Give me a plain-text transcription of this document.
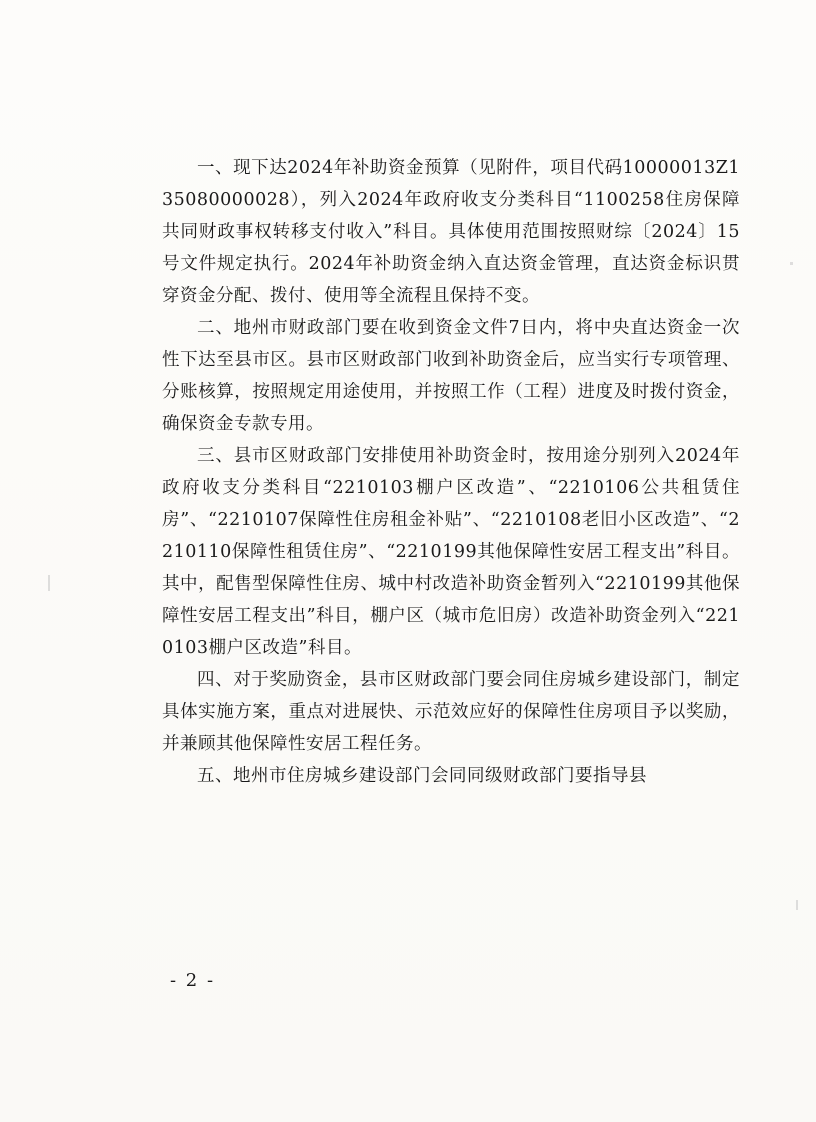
一、现下达2024年补助资金预算（见附件，项目代码10000013Z135080000028），列入2024年政府收支分类科目“1100258住房保障共同财政事权转移支付收入”科目。具体使用范围按照财综〔2024〕15号文件规定执行。2024年补助资金纳入直达资金管理，直达资金标识贯穿资金分配、拨付、使用等全流程且保持不变。

二、地州市财政部门要在收到资金文件7日内，将中央直达资金一次性下达至县市区。县市区财政部门收到补助资金后，应当实行专项管理、分账核算，按照规定用途使用，并按照工作（工程）进度及时拨付资金，确保资金专款专用。

三、县市区财政部门安排使用补助资金时，按用途分别列入2024年政府收支分类科目“2210103棚户区改造”、“2210106公共租赁住房”、“2210107保障性住房租金补贴”、“2210108老旧小区改造”、“2210110保障性租赁住房”、“2210199其他保障性安居工程支出”科目。其中，配售型保障性住房、城中村改造补助资金暂列入“2210199其他保障性安居工程支出”科目，棚户区（城市危旧房）改造补助资金列入“2210103棚户区改造”科目。

四、对于奖励资金，县市区财政部门要会同住房城乡建设部门，制定具体实施方案，重点对进展快、示范效应好的保障性住房项目予以奖励，并兼顾其他保障性安居工程任务。

五、地州市住房城乡建设部门会同同级财政部门要指导县

- 2 -
